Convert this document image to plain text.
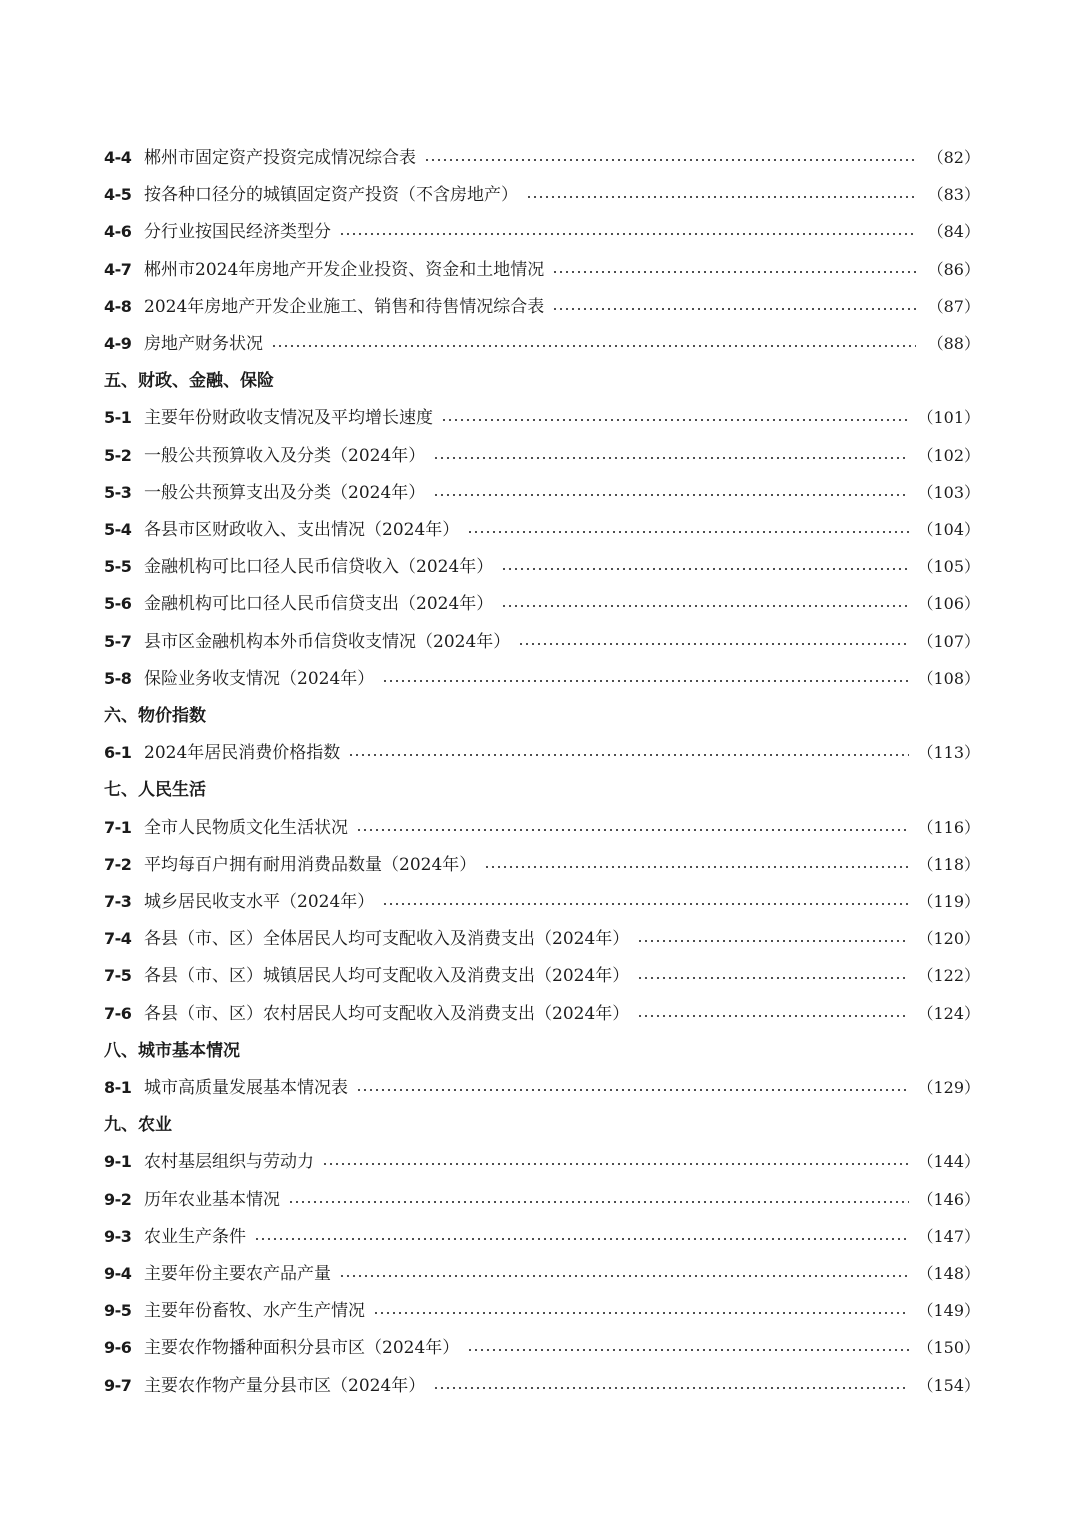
4-4 郴州市固定资产投资完成情况综合表	（82）
4-5 按各种口径分的城镇固定资产投资（不含房地产）	（83）
4-6 分行业按国民经济类型分	（84）
4-7 郴州市2024年房地产开发企业投资、资金和土地情况	（86）
4-8 2024年房地产开发企业施工、销售和待售情况综合表	（87）
4-9 房地产财务状况	（88）
五、财政、金融、保险
5-1 主要年份财政收支情况及平均增长速度	（101）
5-2 一般公共预算收入及分类（2024年）	（102）
5-3 一般公共预算支出及分类（2024年）	（103）
5-4 各县市区财政收入、支出情况（2024年）	（104）
5-5 金融机构可比口径人民币信贷收入（2024年）	（105）
5-6 金融机构可比口径人民币信贷支出（2024年）	（106）
5-7 县市区金融机构本外币信贷收支情况（2024年）	（107）
5-8 保险业务收支情况（2024年）	（108）
六、物价指数
6-1 2024年居民消费价格指数	（113）
七、人民生活
7-1 全市人民物质文化生活状况	（116）
7-2 平均每百户拥有耐用消费品数量（2024年）	（118）
7-3 城乡居民收支水平（2024年）	（119）
7-4 各县（市、区）全体居民人均可支配收入及消费支出（2024年）	（120）
7-5 各县（市、区）城镇居民人均可支配收入及消费支出（2024年）	（122）
7-6 各县（市、区）农村居民人均可支配收入及消费支出（2024年）	（124）
八、城市基本情况
8-1 城市高质量发展基本情况表	（129）
九、农业
9-1 农村基层组织与劳动力	（144）
9-2 历年农业基本情况	（146）
9-3 农业生产条件	（147）
9-4 主要年份主要农产品产量	（148）
9-5 主要年份畜牧、水产生产情况	（149）
9-6 主要农作物播种面积分县市区（2024年）	（150）
9-7 主要农作物产量分县市区（2024年）	（154）
